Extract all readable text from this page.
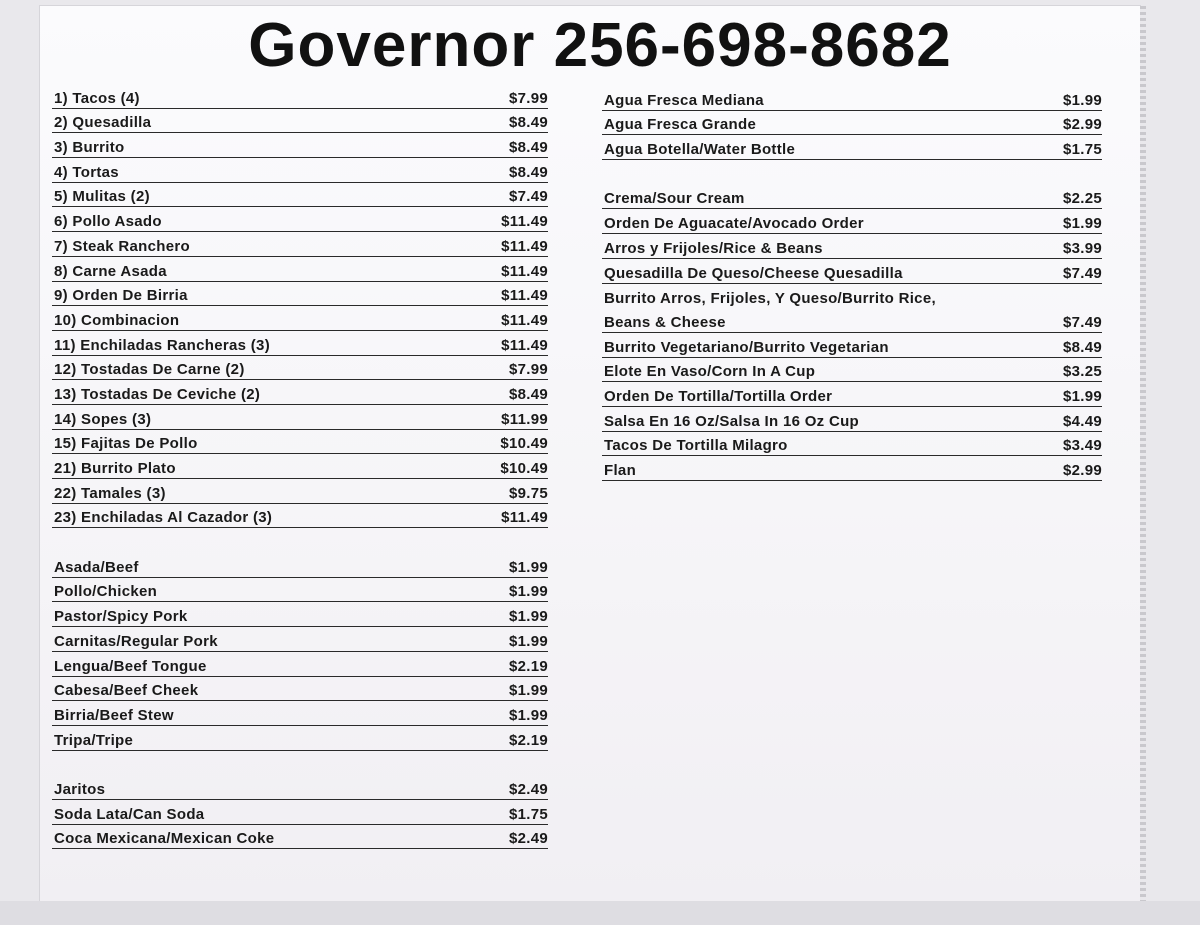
Governor 256-698-8682
1) Tacos (4)	$7.99
2) Quesadilla	$8.49
3) Burrito	$8.49
4) Tortas	$8.49
5) Mulitas (2)	$7.49
6) Pollo Asado	$11.49
7) Steak Ranchero	$11.49
8) Carne Asada	$11.49
9) Orden De Birria	$11.49
10) Combinacion	$11.49
11) Enchiladas Rancheras (3)	$11.49
12) Tostadas De Carne (2)	$7.99
13) Tostadas De Ceviche (2)	$8.49
14) Sopes (3)	$11.99
15) Fajitas De Pollo	$10.49
21) Burrito Plato	$10.49
22) Tamales (3)	$9.75
23) Enchiladas Al Cazador (3)	$11.49
Asada/Beef	$1.99
Pollo/Chicken	$1.99
Pastor/Spicy Pork	$1.99
Carnitas/Regular Pork	$1.99
Lengua/Beef Tongue	$2.19
Cabesa/Beef Cheek	$1.99
Birria/Beef Stew	$1.99
Tripa/Tripe	$2.19
Jaritos	$2.49
Soda Lata/Can Soda	$1.75
Coca Mexicana/Mexican Coke	$2.49
Agua Fresca Mediana	$1.99
Agua Fresca Grande	$2.99
Agua Botella/Water Bottle	$1.75
Crema/Sour Cream	$2.25
Orden De Aguacate/Avocado Order	$1.99
Arros y Frijoles/Rice & Beans	$3.99
Quesadilla De Queso/Cheese Quesadilla	$7.49
Burrito Arros, Frijoles, Y Queso/Burrito Rice,
Beans & Cheese	$7.49
Burrito Vegetariano/Burrito Vegetarian	$8.49
Elote En Vaso/Corn In A Cup	$3.25
Orden De Tortilla/Tortilla Order	$1.99
Salsa En 16 Oz/Salsa In 16 Oz Cup	$4.49
Tacos De Tortilla Milagro	$3.49
Flan	$2.99
